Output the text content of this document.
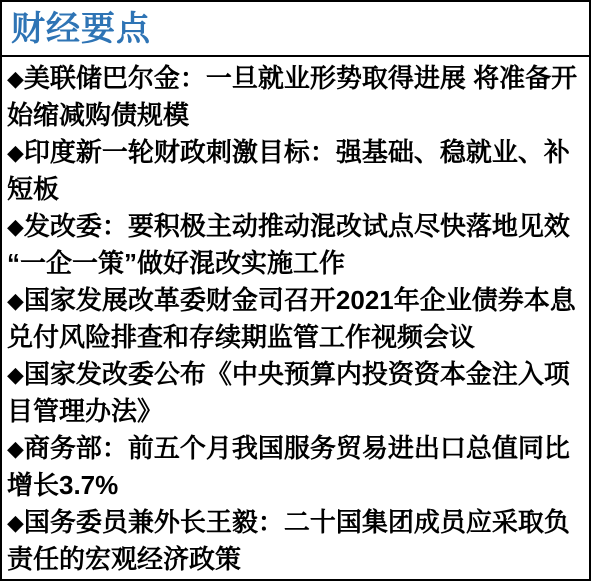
财经要点

◆美联储巴尔金：一旦就业形势取得进展 将准备开始缩减购债规模

◆印度新一轮财政刺激目标：强基础、稳就业、补短板

◆发改委：要积极主动推动混改试点尽快落地见效 “一企一策”做好混改实施工作

◆国家发展改革委财金司召开2021年企业债券本息兑付风险排查和存续期监管工作视频会议

◆国家发改委公布《中央预算内投资资本金注入项目管理办法》

◆商务部：前五个月我国服务贸易进出口总值同比增长3.7%

◆国务委员兼外长王毅：二十国集团成员应采取负责任的宏观经济政策
